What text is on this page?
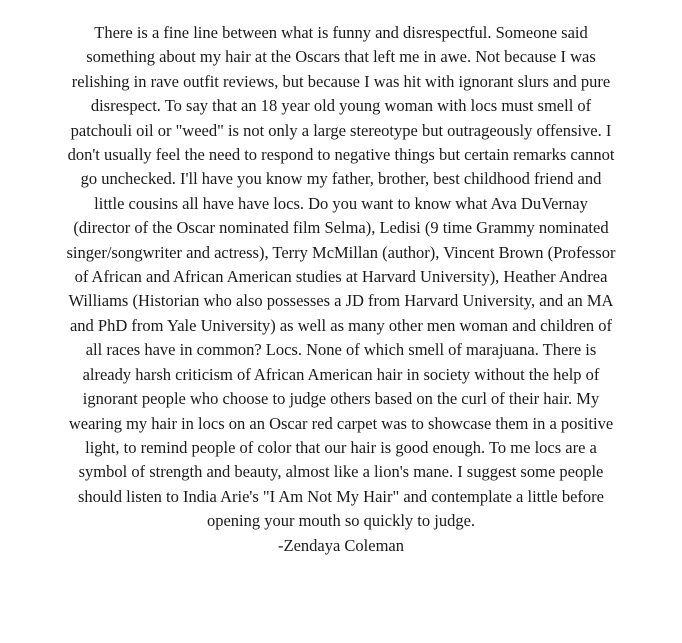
There is a fine line between what is funny and disrespectful. Someone said
something about my hair at the Oscars that left me in awe. Not because I was
relishing in rave outfit reviews, but because I was hit with ignorant slurs and pure
disrespect. To say that an 18 year old young woman with locs must smell of
patchouli oil or "weed" is not only a large stereotype but outrageously offensive. I
don't usually feel the need to respond to negative things but certain remarks cannot
go unchecked. I'll have you know my father, brother, best childhood friend and
little cousins all have have locs. Do you want to know what Ava DuVernay
(director of the Oscar nominated film Selma), Ledisi (9 time Grammy nominated
singer/songwriter and actress), Terry McMillan (author), Vincent Brown (Professor
of African and African American studies at Harvard University), Heather Andrea
Williams (Historian who also possesses a JD from Harvard University, and an MA
and PhD from Yale University) as well as many other men woman and children of
all races have in common? Locs. None of which smell of marajuana. There is
already harsh criticism of African American hair in society without the help of
ignorant people who choose to judge others based on the curl of their hair. My
wearing my hair in locs on an Oscar red carpet was to showcase them in a positive
light, to remind people of color that our hair is good enough. To me locs are a
symbol of strength and beauty, almost like a lion's mane. I suggest some people
should listen to India Arie's "I Am Not My Hair" and contemplate a little before
opening your mouth so quickly to judge.
-Zendaya Coleman
